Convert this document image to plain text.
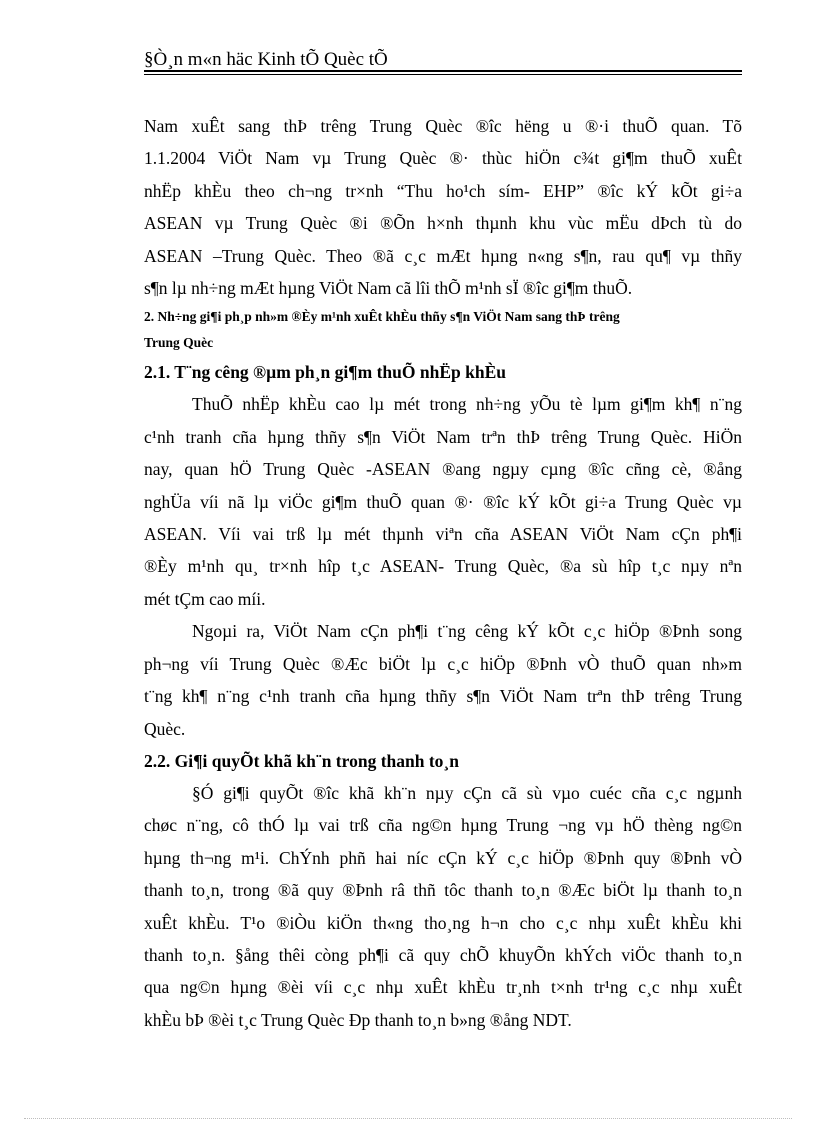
§Ò¸n m«n häc Kinh tÕ Quèc tÕ

Nam xuÊt sang thÞ trêng Trung Quèc ®îc hëng u ®·i thuÕ quan. Tõ
1.1.2004 ViÖt Nam vµ Trung Quèc ®· thùc hiÖn c¾t gi¶m thuÕ xuÊt
nhËp khÈu theo ch¬ng tr×nh “Thu ho¹ch sím- EHP” ®îc kÝ kÕt gi÷a
ASEAN vµ Trung Quèc ®i ®Õn h×nh thµnh khu vùc mËu dÞch tù do
ASEAN –Trung Quèc. Theo ®ã c¸c mÆt hµng n«ng s¶n, rau qu¶ vµ thñy
s¶n lµ nh÷ng mÆt hµng ViÖt Nam cã lîi thÕ m¹nh sÏ ®îc gi¶m thuÕ.

2. Nh÷ng gi¶i ph¸p nh»m ®Èy m¹nh xuÊt khÈu thñy s¶n ViÖt Nam sang thÞ trêng
Trung Quèc
2.1. T¨ng cêng ®µm ph¸n gi¶m thuÕ nhËp khÈu

ThuÕ nhËp khÈu cao lµ mét trong nh÷ng yÕu tè lµm gi¶m kh¶ n¨ng
c¹nh tranh cña hµng thñy s¶n ViÖt Nam trªn thÞ trêng Trung Quèc. HiÖn
nay, quan hÖ Trung Quèc -ASEAN ®ang ngµy cµng ®îc cñng cè, ®ång
nghÜa víi nã lµ viÖc gi¶m thuÕ quan ®· ®îc kÝ kÕt gi÷a Trung Quèc vµ
ASEAN. Víi vai trß lµ mét thµnh viªn cña ASEAN ViÖt Nam cÇn ph¶i
®Èy m¹nh qu¸ tr×nh hîp t¸c ASEAN- Trung Quèc, ®a sù hîp t¸c nµy nªn
mét tÇm cao míi.

Ngoµi ra, ViÖt Nam cÇn ph¶i t¨ng cêng kÝ kÕt c¸c hiÖp ®Þnh song
ph¬ng víi Trung Quèc ®Æc biÖt lµ c¸c hiÖp ®Þnh vÒ thuÕ quan nh»m
t¨ng kh¶ n¨ng c¹nh tranh cña hµng thñy s¶n ViÖt Nam trªn thÞ trêng Trung
Quèc.

2.2. Gi¶i quyÕt khã kh¨n trong thanh to¸n

§Ó gi¶i quyÕt ®îc khã kh¨n nµy cÇn cã sù vµo cuéc cña c¸c ngµnh
chøc n¨ng, cô thÓ lµ vai trß cña ng©n hµng Trung ¬ng vµ hÖ thèng ng©n
hµng th¬ng m¹i. ChÝnh phñ hai níc cÇn kÝ c¸c hiÖp ®Þnh quy ®Þnh vÒ
thanh to¸n, trong ®ã quy ®Þnh râ thñ tôc thanh to¸n ®Æc biÖt lµ thanh to¸n
xuÊt khÈu. T¹o ®iÒu kiÖn th«ng tho¸ng h¬n cho c¸c nhµ xuÊt khÈu khi
thanh to¸n. §ång thêi còng ph¶i cã quy chÕ khuyÕn khÝch viÖc thanh to¸n
qua ng©n hµng ®èi víi c¸c nhµ xuÊt khÈu tr¸nh t×nh tr¹ng c¸c nhµ xuÊt
khÈu bÞ ®èi t¸c Trung Quèc Ðp thanh to¸n b»ng ®ång NDT.
